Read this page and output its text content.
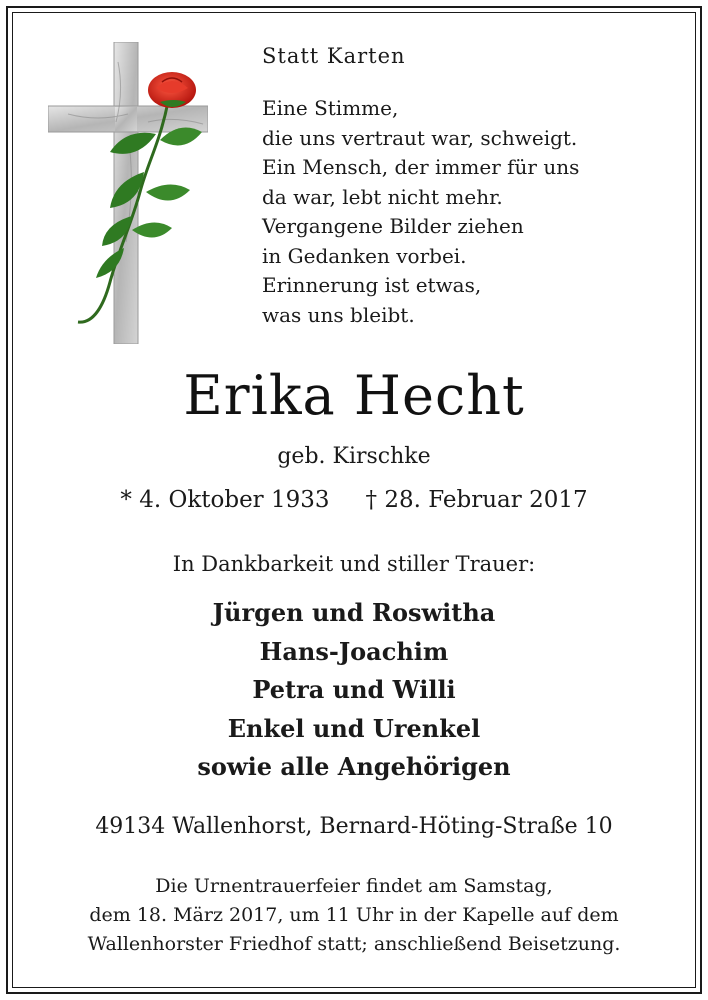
Statt Karten
Eine Stimme,
die uns vertraut war, schweigt.
Ein Mensch, der immer für uns
da war, lebt nicht mehr.
Vergangene Bilder ziehen
in Gedanken vorbei.
Erinnerung ist etwas,
was uns bleibt.
Erika Hecht
geb. Kirschke
* 4. Oktober 1933 † 28. Februar 2017
In Dankbarkeit und stiller Trauer:
Jürgen und Roswitha
Hans-Joachim
Petra und Willi
Enkel und Urenkel
sowie alle Angehörigen
49134 Wallenhorst, Bernard-Höting-Straße 10
Die Urnentrauerfeier findet am Samstag,
dem 18. März 2017, um 11 Uhr in der Kapelle auf dem
Wallenhorster Friedhof statt; anschließend Beisetzung.
